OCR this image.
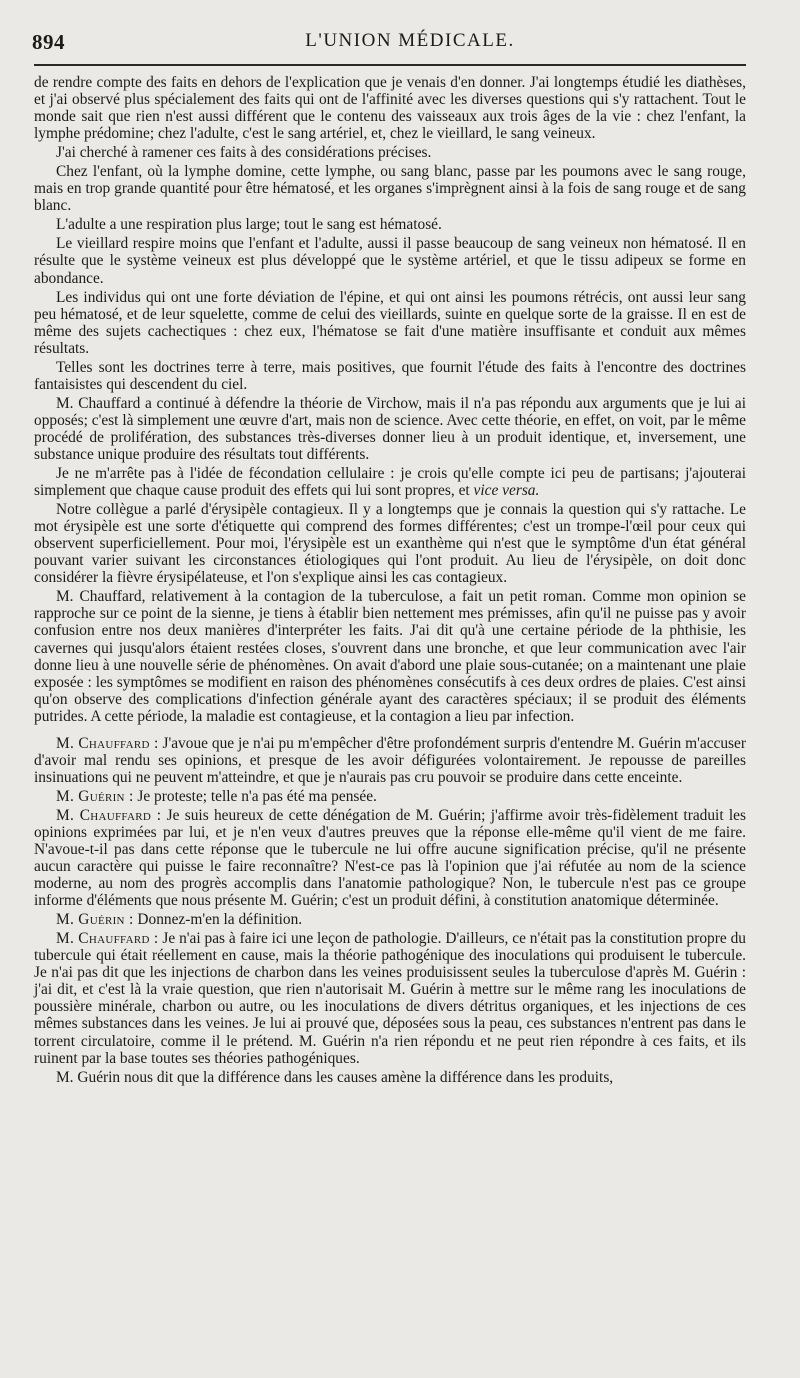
894	L'UNION MÉDICALE.

de rendre compte des faits en dehors de l'explication que je venais d'en donner. J'ai longtemps étudié les diathèses, et j'ai observé plus spécialement des faits qui ont de l'affinité avec les diverses questions qui s'y rattachent. Tout le monde sait que rien n'est aussi différent que le contenu des vaisseaux aux trois âges de la vie : chez l'enfant, la lymphe prédomine; chez l'adulte, c'est le sang artériel, et, chez le vieillard, le sang veineux.

J'ai cherché à ramener ces faits à des considérations précises.

Chez l'enfant, où la lymphe domine, cette lymphe, ou sang blanc, passe par les poumons avec le sang rouge, mais en trop grande quantité pour être hématosé, et les organes s'imprègnent ainsi à la fois de sang rouge et de sang blanc.

L'adulte a une respiration plus large; tout le sang est hématosé.

Le vieillard respire moins que l'enfant et l'adulte, aussi il passe beaucoup de sang veineux non hématosé. Il en résulte que le système veineux est plus développé que le système artériel, et que le tissu adipeux se forme en abondance.

Les individus qui ont une forte déviation de l'épine, et qui ont ainsi les poumons rétrécis, ont aussi leur sang peu hématosé, et de leur squelette, comme de celui des vieillards, suinte en quelque sorte de la graisse. Il en est de même des sujets cachectiques : chez eux, l'hématose se fait d'une matière insuffisante et conduit aux mêmes résultats.

Telles sont les doctrines terre à terre, mais positives, que fournit l'étude des faits à l'encontre des doctrines fantaisistes qui descendent du ciel.

M. Chauffard a continué à défendre la théorie de Virchow, mais il n'a pas répondu aux arguments que je lui ai opposés; c'est là simplement une œuvre d'art, mais non de science. Avec cette théorie, en effet, on voit, par le même procédé de prolifération, des substances très-diverses donner lieu à un produit identique, et, inversement, une substance unique produire des résultats tout différents.

Je ne m'arrête pas à l'idée de fécondation cellulaire : je crois qu'elle compte ici peu de partisans; j'ajouterai simplement que chaque cause produit des effets qui lui sont propres, et vice versa.

Notre collègue a parlé d'érysipèle contagieux. Il y a longtemps que je connais la question qui s'y rattache. Le mot érysipèle est une sorte d'étiquette qui comprend des formes différentes; c'est un trompe-l'œil pour ceux qui observent superficiellement. Pour moi, l'érysipèle est un exanthème qui n'est que le symptôme d'un état général pouvant varier suivant les circonstances étiologiques qui l'ont produit. Au lieu de l'érysipèle, on doit donc considérer la fièvre érysipélateuse, et l'on s'explique ainsi les cas contagieux.

M. Chauffard, relativement à la contagion de la tuberculose, a fait un petit roman. Comme mon opinion se rapproche sur ce point de la sienne, je tiens à établir bien nettement mes prémisses, afin qu'il ne puisse pas y avoir confusion entre nos deux manières d'interpréter les faits. J'ai dit qu'à une certaine période de la phthisie, les cavernes qui jusqu'alors étaient restées closes, s'ouvrent dans une bronche, et que leur communication avec l'air donne lieu à une nouvelle série de phénomènes. On avait d'abord une plaie sous-cutanée; on a maintenant une plaie exposée : les symptômes se modifient en raison des phénomènes consécutifs à ces deux ordres de plaies. C'est ainsi qu'on observe des complications d'infection générale ayant des caractères spéciaux; il se produit des éléments putrides. A cette période, la maladie est contagieuse, et la contagion a lieu par infection.

M. Chauffard : J'avoue que je n'ai pu m'empêcher d'être profondément surpris d'entendre M. Guérin m'accuser d'avoir mal rendu ses opinions, et presque de les avoir défigurées volontairement. Je repousse de pareilles insinuations qui ne peuvent m'atteindre, et que je n'aurais pas cru pouvoir se produire dans cette enceinte.

M. Guérin : Je proteste; telle n'a pas été ma pensée.

M. Chauffard : Je suis heureux de cette dénégation de M. Guérin; j'affirme avoir très-fidèlement traduit les opinions exprimées par lui, et je n'en veux d'autres preuves que la réponse elle-même qu'il vient de me faire. N'avoue-t-il pas dans cette réponse que le tubercule ne lui offre aucune signification précise, qu'il ne présente aucun caractère qui puisse le faire reconnaître? N'est-ce pas là l'opinion que j'ai réfutée au nom de la science moderne, au nom des progrès accomplis dans l'anatomie pathologique? Non, le tubercule n'est pas ce groupe informe d'éléments que nous présente M. Guérin; c'est un produit défini, à constitution anatomique déterminée.

M. Guérin : Donnez-m'en la définition.

M. Chauffard : Je n'ai pas à faire ici une leçon de pathologie. D'ailleurs, ce n'était pas la constitution propre du tubercule qui était réellement en cause, mais la théorie pathogénique des inoculations qui produisent le tubercule. Je n'ai pas dit que les injections de charbon dans les veines produisissent seules la tuberculose d'après M. Guérin : j'ai dit, et c'est là la vraie question, que rien n'autorisait M. Guérin à mettre sur le même rang les inoculations de poussière minérale, charbon ou autre, ou les inoculations de divers détritus organiques, et les injections de ces mêmes substances dans les veines. Je lui ai prouvé que, déposées sous la peau, ces substances n'entrent pas dans le torrent circulatoire, comme il le prétend. M. Guérin n'a rien répondu et ne peut rien répondre à ces faits, et ils ruinent par la base toutes ses théories pathogéniques.

M. Guérin nous dit que la différence dans les causes amène la différence dans les produits,
